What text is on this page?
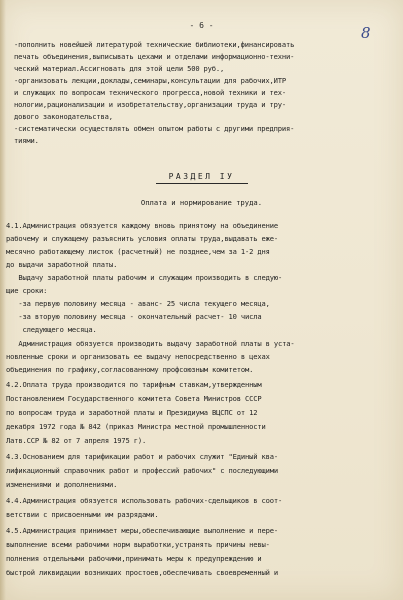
- 6 -	8
-пополнить новейшей литературой технические библиотеки,финансировать
печать объединения,выписывать цехами и отделами информационно-техни-
ческий материал.Ассигновать для этой цели 500 руб.,
-организовать лекции,доклады,семинары,консультации для рабочих,ИТР
и служащих по вопросам технического прогресса,новой техники и тех-
нологии,рационализации и изобретательству,организации труда и тру-
дового законодательства,
-систематически осуществлять обмен опытом работы с другими предприя-
тиями.
РАЗДЕЛ IУ
Оплата и нормирование труда.
4.1.Администрация обязуется каждому вновь принятому на объединение
рабочему и служащему разъяснить условия оплаты труда,выдавать еже-
месячно работающему листок (расчетный) не позднее,чем за 1-2 дня
до выдачи заработной платы.
Выдачу заработной платы рабочим и служащим производить в следую-
щие сроки:
-за первую половину месяца - аванс- 25 числа текущего месяца,
-за вторую половину месяца - окончательный расчет- 10 числа
следующего месяца.
Администрация обязуется производить выдачу заработной платы в уста-
новленные сроки и организовать ее выдачу непосредственно в цехах
объединения по графику,согласованному профсоюзным комитетом.
4.2.Оплата труда производится по тарифным ставкам,утвержденным
Постановлением Государственного комитета Совета Министров СССР
по вопросам труда и заработной платы и Президиума ВЦСПС от 12
декабря 1972 года № 842 (приказ Министра местной промышленности
Латв.ССР № 82 от 7 апреля 1975 г).
4.3.Основанием для тарификации работ и рабочих служит "Единый ква-
лификационный справочник работ и профессий рабочих" с последующими
изменениями и дополнениями.
4.4.Администрация обязуется использовать рабочих-сдельщиков в соот-
ветствии с присвоенными им разрядами.
4.5.Администрация принимает меры,обеспечивающие выполнение и пере-
выполнение всеми рабочими норм выработки,устранять причины невы-
полнения отдельными рабочими,принимать меры к предупреждению и
быстрой ликвидации возникших простоев,обеспечивать своевременный и
